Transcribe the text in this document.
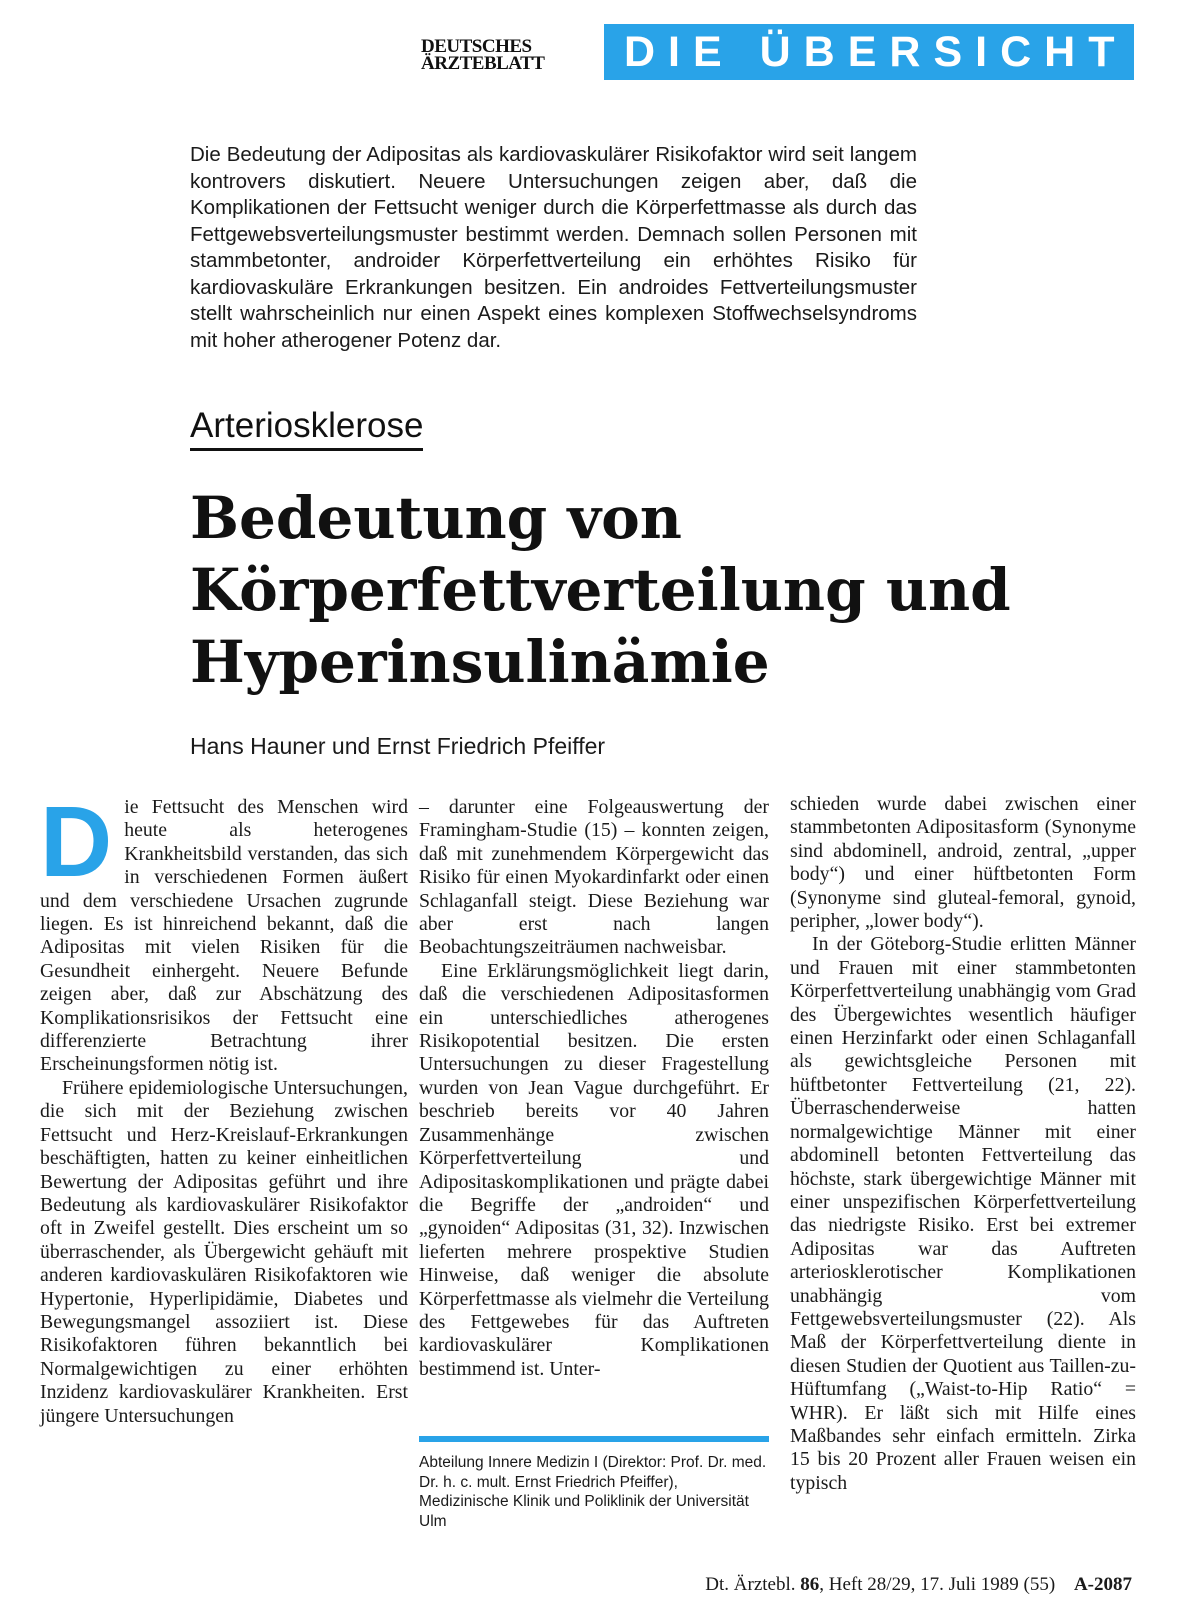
DEUTSCHES
ÄRZTEBLATT	DIE ÜBERSICHT

Die Bedeutung der Adipositas als kardiovaskulärer Risikofaktor wird seit langem kontrovers diskutiert. Neuere Untersuchungen zeigen aber, daß die Komplikationen der Fettsucht weniger durch die Körperfettmasse als durch das Fettgewebsverteilungsmuster bestimmt werden. Demnach sollen Personen mit stammbetonter, androider Körperfettverteilung ein erhöhtes Risiko für kardiovaskuläre Erkrankungen besitzen. Ein androides Fettverteilungsmuster stellt wahrscheinlich nur einen Aspekt eines komplexen Stoffwechselsyndroms mit hoher atherogener Potenz dar.

Arteriosklerose

Bedeutung von
Körperfettverteilung und
Hyperinsulinämie

Hans Hauner und Ernst Friedrich Pfeiffer

Die Fettsucht des Menschen wird heute als heterogenes Krankheitsbild verstanden, das sich in verschiedenen Formen äußert und dem verschiedene Ursachen zugrunde liegen. Es ist hinreichend bekannt, daß die Adipositas mit vielen Risiken für die Gesundheit einhergeht. Neuere Befunde zeigen aber, daß zur Abschätzung des Komplikationsrisikos der Fettsucht eine differenzierte Betrachtung ihrer Erscheinungsformen nötig ist.

Frühere epidemiologische Untersuchungen, die sich mit der Beziehung zwischen Fettsucht und Herz-Kreislauf-Erkrankungen beschäftigten, hatten zu keiner einheitlichen Bewertung der Adipositas geführt und ihre Bedeutung als kardiovaskulärer Risikofaktor oft in Zweifel gestellt. Dies erscheint um so überraschender, als Übergewicht gehäuft mit anderen kardiovaskulären Risikofaktoren wie Hypertonie, Hyperlipidämie, Diabetes und Bewegungsmangel assoziiert ist. Diese Risikofaktoren führen bekanntlich bei Normalgewichtigen zu einer erhöhten Inzidenz kardiovaskulärer Krankheiten. Erst jüngere Untersuchungen

– darunter eine Folgeauswertung der Framingham-Studie (15) – konnten zeigen, daß mit zunehmendem Körpergewicht das Risiko für einen Myokardinfarkt oder einen Schlaganfall steigt. Diese Beziehung war aber erst nach langen Beobachtungszeiträumen nachweisbar.

Eine Erklärungsmöglichkeit liegt darin, daß die verschiedenen Adipositasformen ein unterschiedliches atherogenes Risikopotential besitzen. Die ersten Untersuchungen zu dieser Fragestellung wurden von Jean Vague durchgeführt. Er beschrieb bereits vor 40 Jahren Zusammenhänge zwischen Körperfettverteilung und Adipositaskomplikationen und prägte dabei die Begriffe der „androiden“ und „gynoiden“ Adipositas (31, 32). Inzwischen lieferten mehrere prospektive Studien Hinweise, daß weniger die absolute Körperfettmasse als vielmehr die Verteilung des Fettgewebes für das Auftreten kardiovaskulärer Komplikationen bestimmend ist. Unter-

Abteilung Innere Medizin I (Direktor: Prof. Dr. med. Dr. h. c. mult. Ernst Friedrich Pfeiffer), Medizinische Klinik und Poliklinik der Universität Ulm

schieden wurde dabei zwischen einer stammbetonten Adipositasform (Synonyme sind abdominell, android, zentral, „upper body“) und einer hüftbetonten Form (Synonyme sind gluteal-femoral, gynoid, peripher, „lower body“).

In der Göteborg-Studie erlitten Männer und Frauen mit einer stammbetonten Körperfettverteilung unabhängig vom Grad des Übergewichtes wesentlich häufiger einen Herzinfarkt oder einen Schlaganfall als gewichtsgleiche Personen mit hüftbetonter Fettverteilung (21, 22). Überraschenderweise hatten normalgewichtige Männer mit einer abdominell betonten Fettverteilung das höchste, stark übergewichtige Männer mit einer unspezifischen Körperfettverteilung das niedrigste Risiko. Erst bei extremer Adipositas war das Auftreten arteriosklerotischer Komplikationen unabhängig vom Fettgewebsverteilungsmuster (22). Als Maß der Körperfettverteilung diente in diesen Studien der Quotient aus Taillen-zu-Hüftumfang („Waist-to-Hip Ratio“ = WHR). Er läßt sich mit Hilfe eines Maßbandes sehr einfach ermitteln. Zirka 15 bis 20 Prozent aller Frauen weisen ein typisch

Dt. Ärztebl. 86, Heft 28/29, 17. Juli 1989 (55) A-2087
